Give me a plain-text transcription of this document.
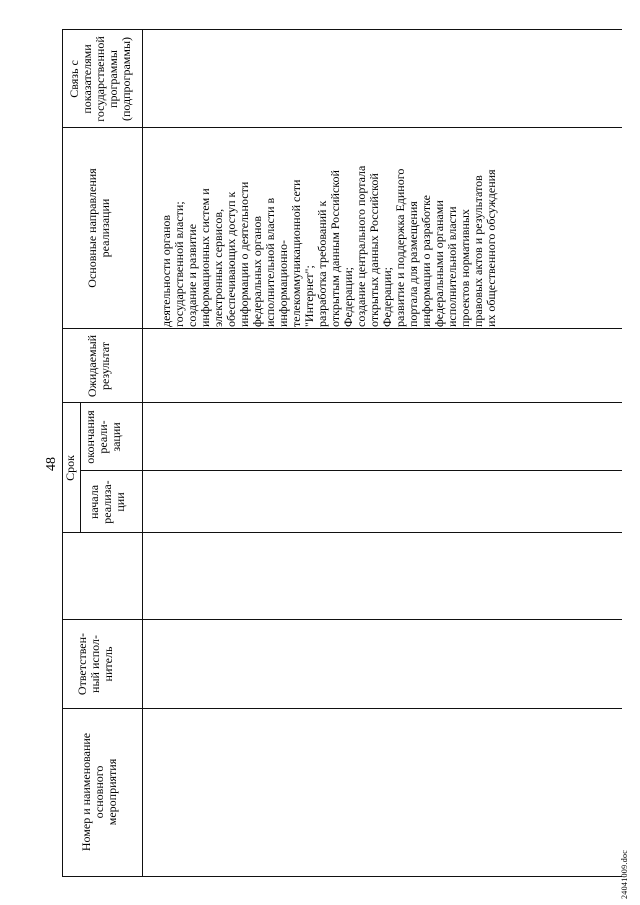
48
Номер и наименование основного мероприятия
Ответствен- ный испол- нитель
Срок
начала реализа- ции
окончания реали- зации
Ожидаемый результат
Основные направления реализации
Связь с показателями государственной программы (подпрограммы)
деятельности органов государственной власти; создание и развитие информационных систем и электронных сервисов, обеспечивающих доступ к информации о деятельности федеральных органов исполнительной власти в информационно- телекоммуникационной сети "Интернет"; разработка требований к открытым данным Российской Федерации; создание центрального портала открытых данных Российской Федерации; развитие и поддержка Единого портала для размещения информации о разработке федеральными органами исполнительной власти проектов нормативных правовых актов и результатов их общественного обсуждения
24041009.doc
